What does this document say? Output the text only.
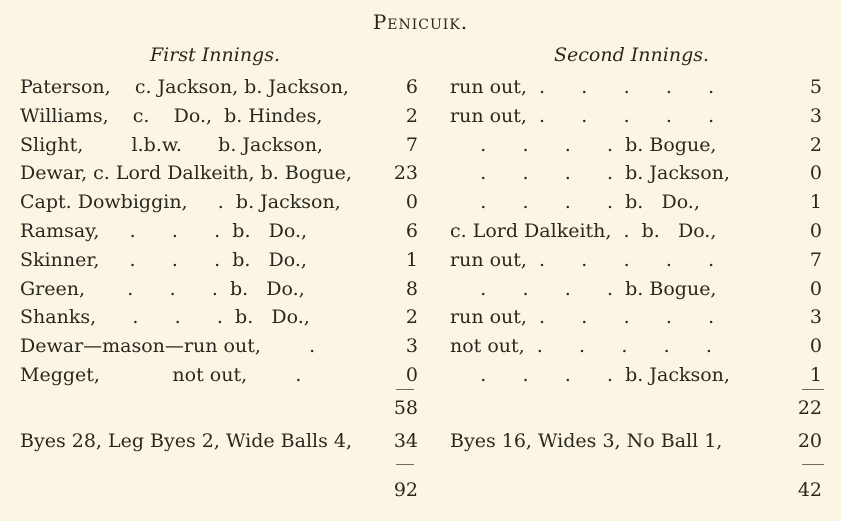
Penicuik.
First Innings.	Second Innings.
Paterson,    c. Jackson, b. Jackson,	6 run out,  .      .      .      .      .	5
Williams,    c.    Do.,  b. Hindes,	2 run out,  .      .      .      .      .	3
Slight,        l.b.w.      b. Jackson,	7 .      .      .      .  b. Bogue,	2
Dewar, c. Lord Dalkeith, b. Bogue,	23 .      .      .      .  b. Jackson,	0
Capt. Dowbiggin,     .  b. Jackson,	0 .      .      .      .  b.   Do.,	1
Ramsay,     .      .      .  b.   Do.,	6 c. Lord Dalkeith,  .  b.   Do.,	0
Skinner,     .      .      .  b.   Do.,	1 run out,  .      .      .      .      .	7
Green,       .      .      .  b.   Do.,	8 .      .      .      .  b. Bogue,	0
Shanks,      .      .      .  b.   Do.,	2 run out,  .      .      .      .      .	3
Dewar—mason—run out,        .	3 not out,  .      .      .      .      .	0
Megget,            not out,        .	0 .      .      .      .  b. Jackson,	1
58	22
Byes 28, Leg Byes 2, Wide Balls 4,	34 Byes 16, Wides 3, No Ball 1,	20
92	42
